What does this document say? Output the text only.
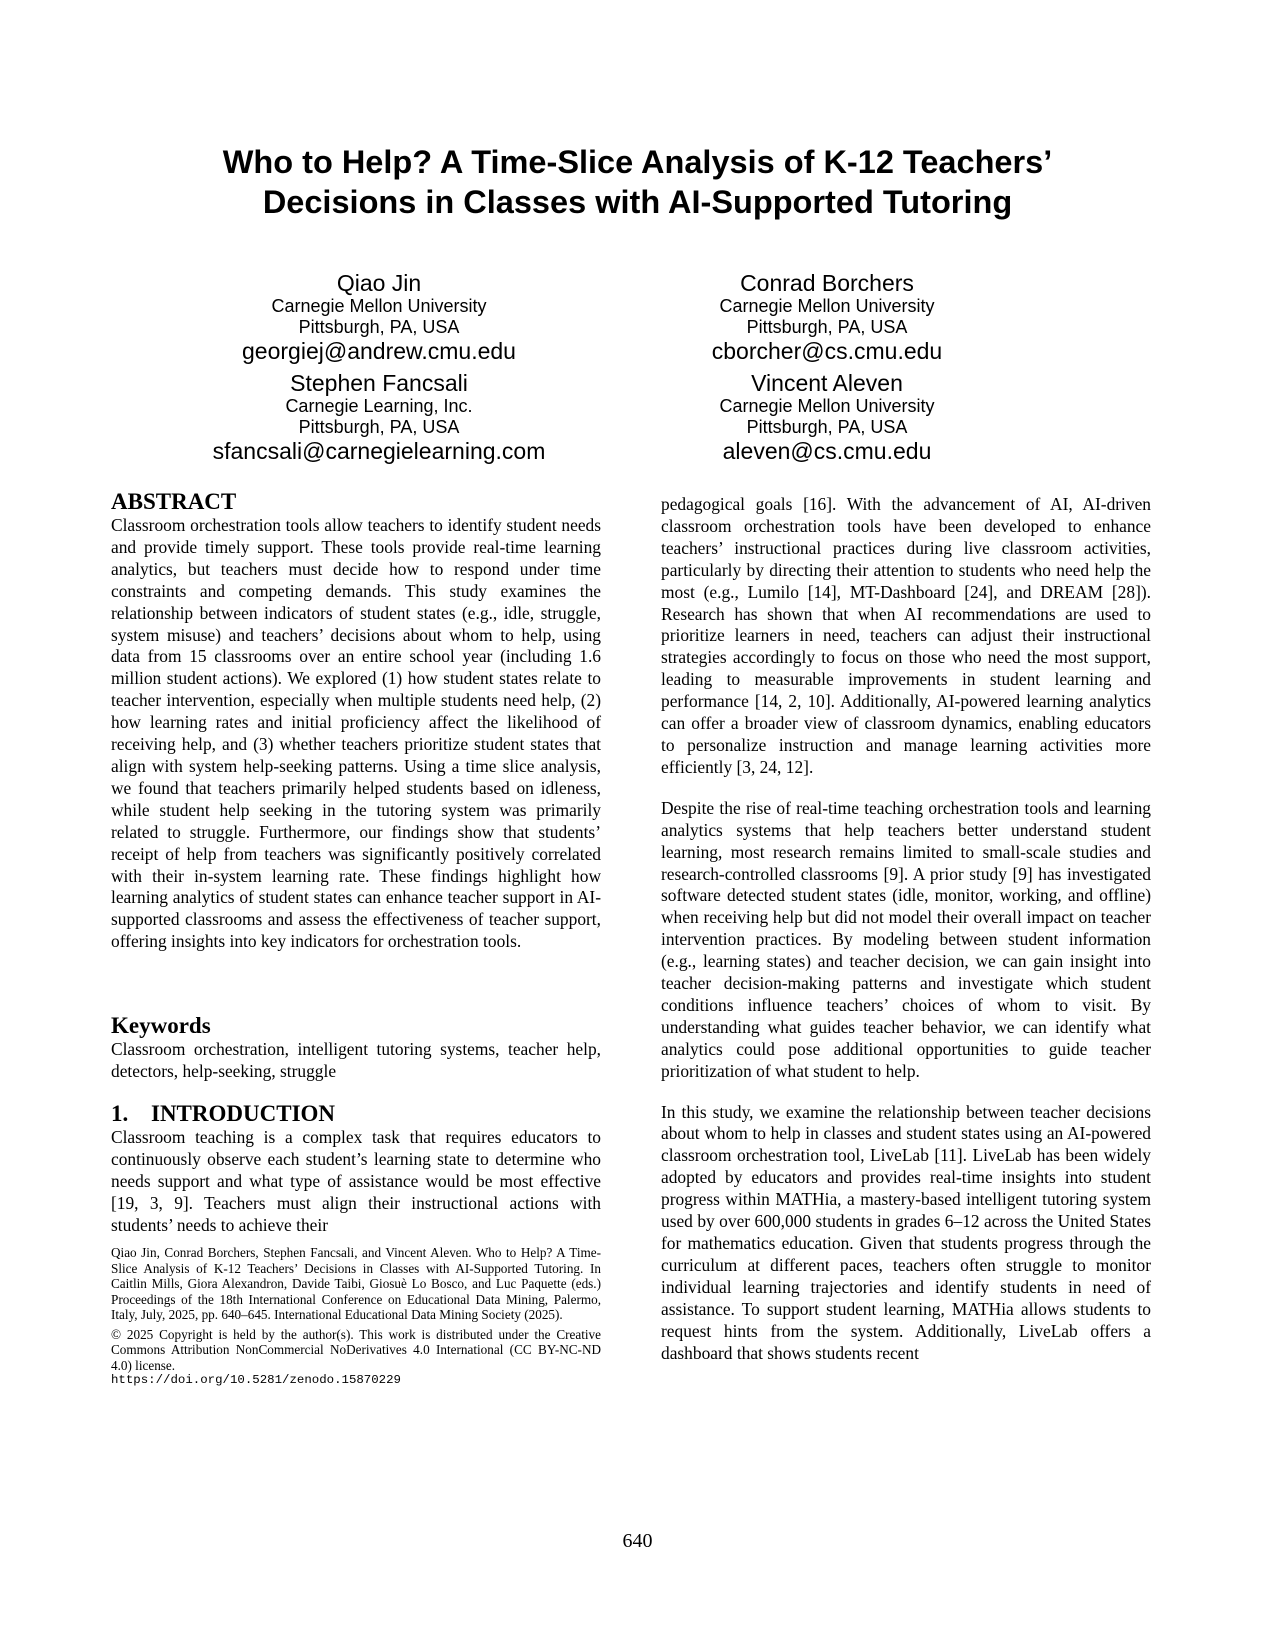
Who to Help? A Time-Slice Analysis of K-12 Teachers’
Decisions in Classes with AI-Supported Tutoring
Qiao Jin
Carnegie Mellon University
Pittsburgh, PA, USA
georgiej@andrew.cmu.edu
Conrad Borchers
Carnegie Mellon University
Pittsburgh, PA, USA
cborcher@cs.cmu.edu
Stephen Fancsali
Carnegie Learning, Inc.
Pittsburgh, PA, USA
sfancsali@carnegielearning.com
Vincent Aleven
Carnegie Mellon University
Pittsburgh, PA, USA
aleven@cs.cmu.edu
ABSTRACT

Classroom orchestration tools allow teachers to identify student needs and provide timely support. These tools provide real-time learning analytics, but teachers must decide how to respond under time constraints and competing demands. This study examines the relationship between indicators of student states (e.g., idle, struggle, system misuse) and teachers’ decisions about whom to help, using data from 15 classrooms over an entire school year (including 1.6 million student actions). We explored (1) how student states relate to teacher intervention, especially when multiple students need help, (2) how learning rates and initial proficiency affect the likelihood of receiving help, and (3) whether teachers prioritize student states that align with system help-seeking patterns. Using a time slice analysis, we found that teachers primarily helped students based on idleness, while student help seeking in the tutoring system was primarily related to struggle. Furthermore, our findings show that students’ receipt of help from teachers was significantly positively correlated with their in-system learning rate. These findings highlight how learning analytics of student states can enhance teacher support in AI-supported classrooms and assess the effectiveness of teacher support, offering insights into key indicators for orchestration tools.

Keywords

Classroom orchestration, intelligent tutoring systems, teacher help, detectors, help-seeking, struggle

1. INTRODUCTION

Classroom teaching is a complex task that requires educators to continuously observe each student’s learning state to determine who needs support and what type of assistance would be most effective [19, 3, 9]. Teachers must align their instructional actions with students’ needs to achieve their

Qiao Jin, Conrad Borchers, Stephen Fancsali, and Vincent Aleven. Who to Help? A Time-Slice Analysis of K-12 Teachers’ Decisions in Classes with AI-Supported Tutoring. In Caitlin Mills, Giora Alexandron, Davide Taibi, Giosuè Lo Bosco, and Luc Paquette (eds.) Proceedings of the 18th International Conference on Educational Data Mining, Palermo, Italy, July, 2025, pp. 640–645. International Educational Data Mining Society (2025).

© 2025 Copyright is held by the author(s). This work is distributed under the Creative Commons Attribution NonCommercial NoDerivatives 4.0 International (CC BY-NC-ND 4.0) license.

https://doi.org/10.5281/zenodo.15870229

pedagogical goals [16]. With the advancement of AI, AI-driven classroom orchestration tools have been developed to enhance teachers’ instructional practices during live classroom activities, particularly by directing their attention to students who need help the most (e.g., Lumilo [14], MT-Dashboard [24], and DREAM [28]). Research has shown that when AI recommendations are used to prioritize learners in need, teachers can adjust their instructional strategies accordingly to focus on those who need the most support, leading to measurable improvements in student learning and performance [14, 2, 10]. Additionally, AI-powered learning analytics can offer a broader view of classroom dynamics, enabling educators to personalize instruction and manage learning activities more efficiently [3, 24, 12].

Despite the rise of real-time teaching orchestration tools and learning analytics systems that help teachers better understand student learning, most research remains limited to small-scale studies and research-controlled classrooms [9]. A prior study [9] has investigated software detected student states (idle, monitor, working, and offline) when receiving help but did not model their overall impact on teacher intervention practices. By modeling between student information (e.g., learning states) and teacher decision, we can gain insight into teacher decision-making patterns and investigate which student conditions influence teachers’ choices of whom to visit. By understanding what guides teacher behavior, we can identify what analytics could pose additional opportunities to guide teacher prioritization of what student to help.

In this study, we examine the relationship between teacher decisions about whom to help in classes and student states using an AI-powered classroom orchestration tool, LiveLab [11]. LiveLab has been widely adopted by educators and provides real-time insights into student progress within MATHia, a mastery-based intelligent tutoring system used by over 600,000 students in grades 6–12 across the United States for mathematics education. Given that students progress through the curriculum at different paces, teachers often struggle to monitor individual learning trajectories and identify students in need of assistance. To support student learning, MATHia allows students to request hints from the system. Additionally, LiveLab offers a dashboard that shows students recent

640
